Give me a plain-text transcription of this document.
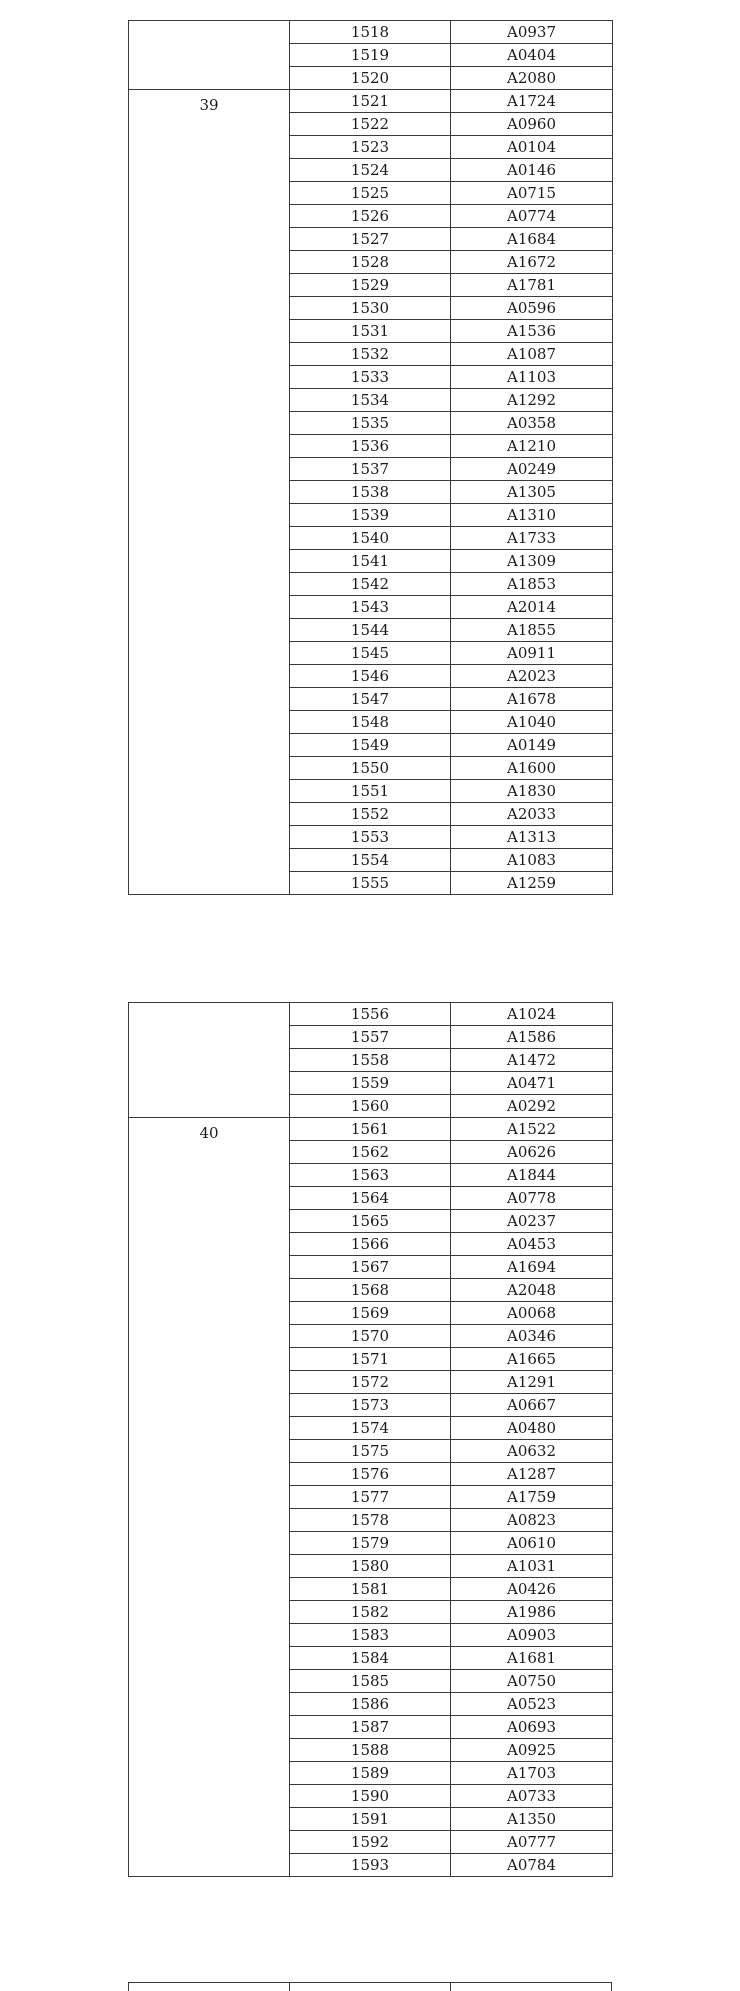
	1518	A0937
	1519	A0404
	1520	A2080
39	1521	A1724
	1522	A0960
	1523	A0104
	1524	A0146
	1525	A0715
	1526	A0774
	1527	A1684
	1528	A1672
	1529	A1781
	1530	A0596
	1531	A1536
	1532	A1087
	1533	A1103
	1534	A1292
	1535	A0358
	1536	A1210
	1537	A0249
	1538	A1305
	1539	A1310
	1540	A1733
	1541	A1309
	1542	A1853
	1543	A2014
	1544	A1855
	1545	A0911
	1546	A2023
	1547	A1678
	1548	A1040
	1549	A0149
	1550	A1600
	1551	A1830
	1552	A2033
	1553	A1313
	1554	A1083
	1555	A1259
	1556	A1024
	1557	A1586
	1558	A1472
	1559	A0471
	1560	A0292
40	1561	A1522
	1562	A0626
	1563	A1844
	1564	A0778
	1565	A0237
	1566	A0453
	1567	A1694
	1568	A2048
	1569	A0068
	1570	A0346
	1571	A1665
	1572	A1291
	1573	A0667
	1574	A0480
	1575	A0632
	1576	A1287
	1577	A1759
	1578	A0823
	1579	A0610
	1580	A1031
	1581	A0426
	1582	A1986
	1583	A0903
	1584	A1681
	1585	A0750
	1586	A0523
	1587	A0693
	1588	A0925
	1589	A1703
	1590	A0733
	1591	A1350
	1592	A0777
	1593	A0784
